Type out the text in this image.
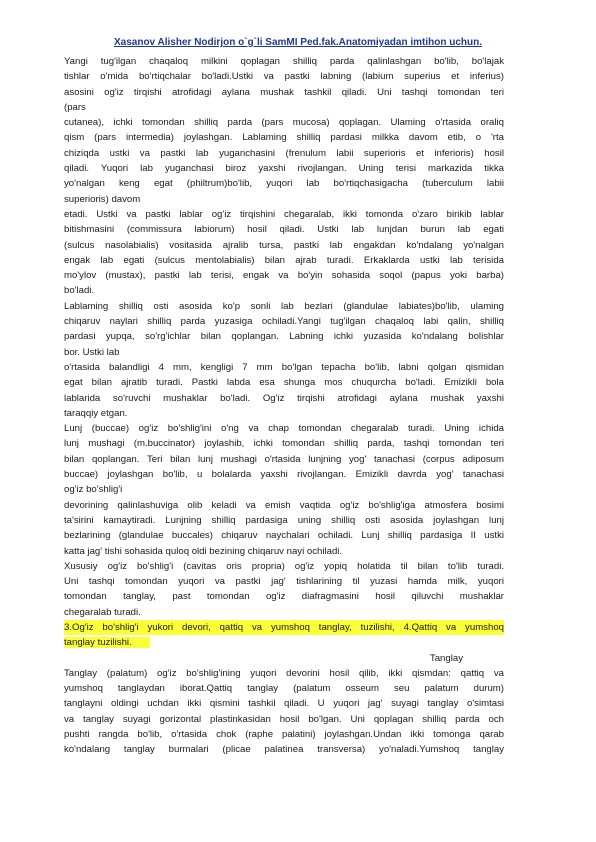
Xasanov Alisher Nodirjon o`g`li SamMI Ped.fak.Anatomiyadan imtihon uchun.
Yangi tug'ilgan chaqaloq milkini qoplagan shilliq parda qalinlashgan bo'lib, bo'lajak
tishlar o'mida bo'rtiqchalar bo'ladi.Ustki va pastki labning (labium superius et inferius)
asosini og'iz tirqishi atrofidagi aylana mushak tashkil qiladi. Uni tashqi tomondan teri
(pars
cutanea), ichki tomondan shilliq parda (pars mucosa) qoplagan. Ulaming o'rtasida oraliq
qism (pars intermedia) joylashgan. Lablaming shilliq pardasi milkka davom etib, o 'rta
chiziqda ustki va pastki lab yuganchasini (frenulum labii superioris et inferioris) hosil
qiladi. Yuqori lab yuganchasi biroz yaxshi rivojlangan. Uning terisi markazida tikka
yo'nalgan keng egat (philtrum)bo'lib, yuqori lab bo'rtiqchasigacha (tuberculum labii
superioris) davom
etadi. Ustki va pastki lablar og'iz tirqishini chegaralab, ikki tomonda o'zaro birikib lablar
bitishmasini (commissura labiorum) hosil qiladi. Ustki lab lunjdan burun lab egati
(sulcus nasolabialis) vositasida ajralib tursa, pastki lab engakdan ko'ndalang yo'nalgan
engak lab egati (sulcus mentolabialis) bilan ajrab turadi. Erkaklarda ustki lab terisida
mo'ylov (mustax), pastki lab terisi, engak va bo'yin sohasida soqol (papus yoki barba)
bo'ladi.
Lablaming shilliq osti asosida ko'p sonli lab bezlari (glandulae labiates)bo'lib, ulaming
chiqaruv naylari shilliq parda yuzasiga ochiladi.Yangi tug'ilgan chaqaloq labi qalin, shilliq
pardasi yupqa, so'rg'ichlar bilan qoplangan. Labning ichki yuzasida ko'ndalang bolishlar
bor. Ustki lab
o'rtasida balandligi 4 mm, kengligi 7 mm bo'lgan tepacha bo'lib, labni qolgan qismidan
egat bilan ajratib turadi. Pastki labda esa shunga mos chuqurcha bo'ladi. Emizikli bola
lablarida so'ruvchi mushaklar bo'ladi. Og'iz tirqishi atrofidagi aylana mushak yaxshi
taraqqiy etgan.
Lunj (buccae) og'iz bo'shlig'ini o'ng va chap tomondan chegaralab turadi. Uning ichida
lunj mushagi (m.buccinator) joylashib, ichki tomondan shilliq parda, tashqi tomondan teri
bilan qoplangan. Teri bilan lunj mushagi o'rtasida lunjning yog' tanachasi (corpus adiposum
buccae) joylashgan bo'lib, u bolalarda yaxshi rivojlangan. Emizikli davrda yog' tanachasi
og'iz bo'shlig'i
devorining qalinlashuviga olib keladi va emish vaqtida og'iz bo'shlig'iga atmosfera bosimi
ta'sirini kamaytiradi. Lunjning shilliq pardasiga uning shilliq osti asosida joylashgan lunj
bezlarining (glandulae buccales) chiqaruv naychalari ochiladi. Lunj shilliq pardasiga II ustki
katta jag' tishi sohasida quloq oldi bezining chiqaruv nayi ochiladi.
Xususiy og'iz bo'shlig'i (cavitas oris propria) og'iz yopiq holatida til bilan to'lib turadi.
Uni tashqi tomondan yuqori va pastki jag' tishlarining til yuzasi hamda milk, yuqori
tomondan tanglay, past tomondan og'iz diafragmasini hosil qiluvchi mushaklar
chegaralab turadi.
3.Og'iz bo'shlig'i yukori devori, qattiq va yumshoq tanglay, tuzilishi, 4.Qattiq va yumshoq
tanglay tuzilishi.
Tanglay
Tanglay (palatum) og'iz bo'shlig'ining yuqori devorini hosil qilib, ikki qismdan: qattiq va
yumshoq tanglaydan iborat.Qattiq tanglay (palatum osseum seu palatum durum)
tanglayni oldingi uchdan ikki qismini tashkil qiladi. U yuqori jag' suyagi tanglay o'simtasi
va tanglay suyagi gorizontal plastinkasidan hosil bo'lgan. Uni qoplagan shilliq parda och
pushti rangda bo'lib, o'rtasida chok (raphe palatini) joylashgan.Undan ikki tomonga qarab
ko'ndalang tanglay burmalari (plicae palatinea transversa) yo'naladi.Yumshoq tanglay
